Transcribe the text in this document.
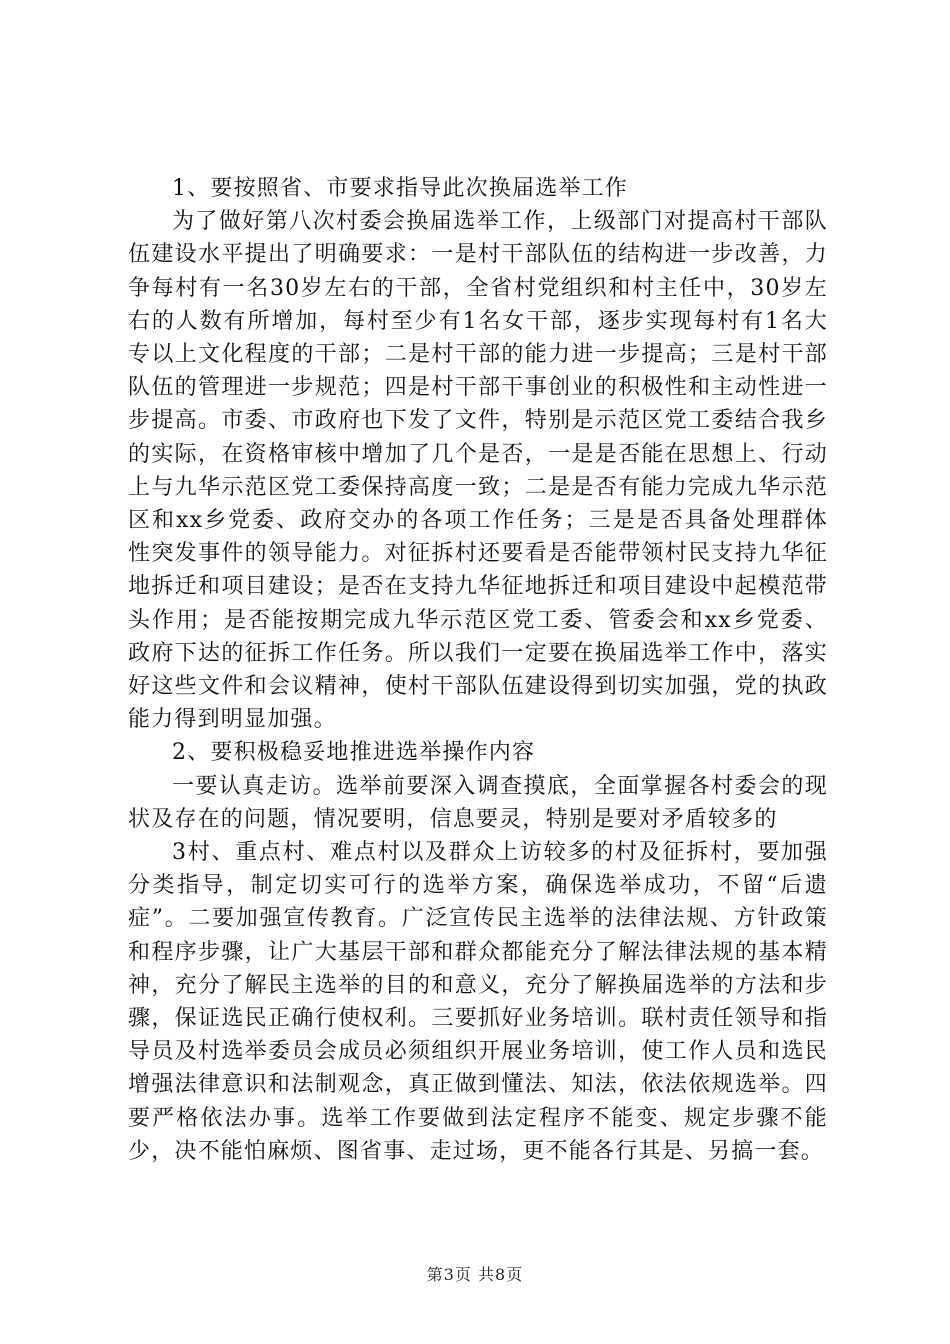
1、要按照省、市要求指导此次换届选举工作

为了做好第八次村委会换届选举工作，上级部门对提高村干部队伍建设水平提出了明确要求：一是村干部队伍的结构进一步改善，力争每村有一名30岁左右的干部，全省村党组织和村主任中，30岁左右的人数有所增加，每村至少有1名女干部，逐步实现每村有1名大专以上文化程度的干部；二是村干部的能力进一步提高；三是村干部队伍的管理进一步规范；四是村干部干事创业的积极性和主动性进一步提高。市委、市政府也下发了文件，特别是示范区党工委结合我乡的实际，在资格审核中增加了几个是否，一是是否能在思想上、行动上与九华示范区党工委保持高度一致；二是是否有能力完成九华示范区和xx乡党委、政府交办的各项工作任务；三是是否具备处理群体性突发事件的领导能力。对征拆村还要看是否能带领村民支持九华征地拆迁和项目建设；是否在支持九华征地拆迁和项目建设中起模范带头作用；是否能按期完成九华示范区党工委、管委会和xx乡党委、政府下达的征拆工作任务。所以我们一定要在换届选举工作中，落实好这些文件和会议精神，使村干部队伍建设得到切实加强，党的执政能力得到明显加强。

2、要积极稳妥地推进选举操作内容

一要认真走访。选举前要深入调查摸底，全面掌握各村委会的现状及存在的问题，情况要明，信息要灵，特别是要对矛盾较多的

3村、重点村、难点村以及群众上访较多的村及征拆村，要加强分类指导，制定切实可行的选举方案，确保选举成功，不留“后遗症”。二要加强宣传教育。广泛宣传民主选举的法律法规、方针政策和程序步骤，让广大基层干部和群众都能充分了解法律法规的基本精神，充分了解民主选举的目的和意义，充分了解换届选举的方法和步骤，保证选民正确行使权利。三要抓好业务培训。联村责任领导和指导员及村选举委员会成员必须组织开展业务培训，使工作人员和选民增强法律意识和法制观念，真正做到懂法、知法，依法依规选举。四要严格依法办事。选举工作要做到法定程序不能变、规定步骤不能少，决不能怕麻烦、图省事、走过场，更不能各行其是、另搞一套。

第3页 共8页
